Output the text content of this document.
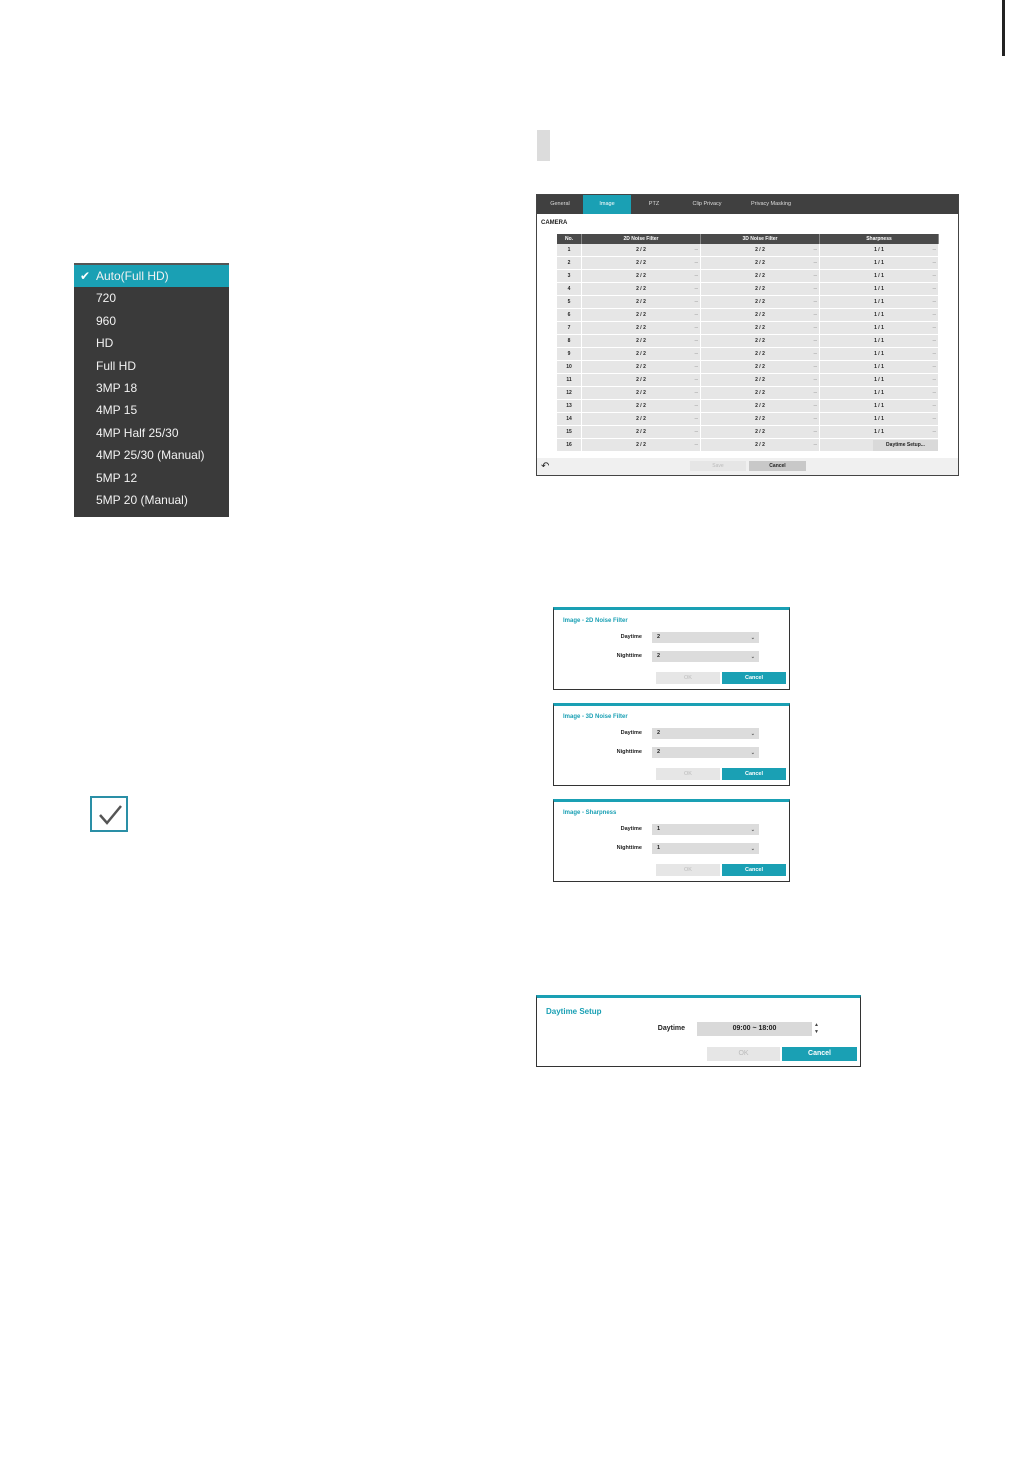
✔ Auto(Full HD)
720
960
HD
Full HD
3MP 18
4MP 15
4MP Half 25/30
4MP 25/30 (Manual)
5MP 12
5MP 20 (Manual)
General	Image	PTZ	Clip Privacy	Privacy Masking
CAMERA
No.	2D Noise Filter	3D Noise Filter	Sharpness
1	2 / 2 _	2 / 2 _	1 / 1 _
2	2 / 2 _	2 / 2 _	1 / 1 _
3	2 / 2 _	2 / 2 _	1 / 1 _
4	2 / 2 _	2 / 2 _	1 / 1 _
5	2 / 2 _	2 / 2 _	1 / 1 _
6	2 / 2 _	2 / 2 _	1 / 1 _
7	2 / 2 _	2 / 2 _	1 / 1 _
8	2 / 2 _	2 / 2 _	1 / 1 _
9	2 / 2 _	2 / 2 _	1 / 1 _
10	2 / 2 _	2 / 2 _	1 / 1 _
11	2 / 2 _	2 / 2 _	1 / 1 _
12	2 / 2 _	2 / 2 _	1 / 1 _
13	2 / 2 _	2 / 2 _	1 / 1 _
14	2 / 2 _	2 / 2 _	1 / 1 _
15	2 / 2 _	2 / 2 _	1 / 1 _
16	2 / 2 _	2 / 2 _
_	Daytime Setup...
↶	Save	Cancel
Image - 2D Noise Filter
Daytime	2	⌄
Nighttime	2	⌄
OK	Cancel
Image - 3D Noise Filter
Daytime	2	⌄
Nighttime	2	⌄
OK	Cancel
Image - Sharpness
Daytime	1	⌄
Nighttime	1	⌄
OK	Cancel
Daytime Setup
Daytime	09:00 ~ 18:00	▲
▼
OK	Cancel
